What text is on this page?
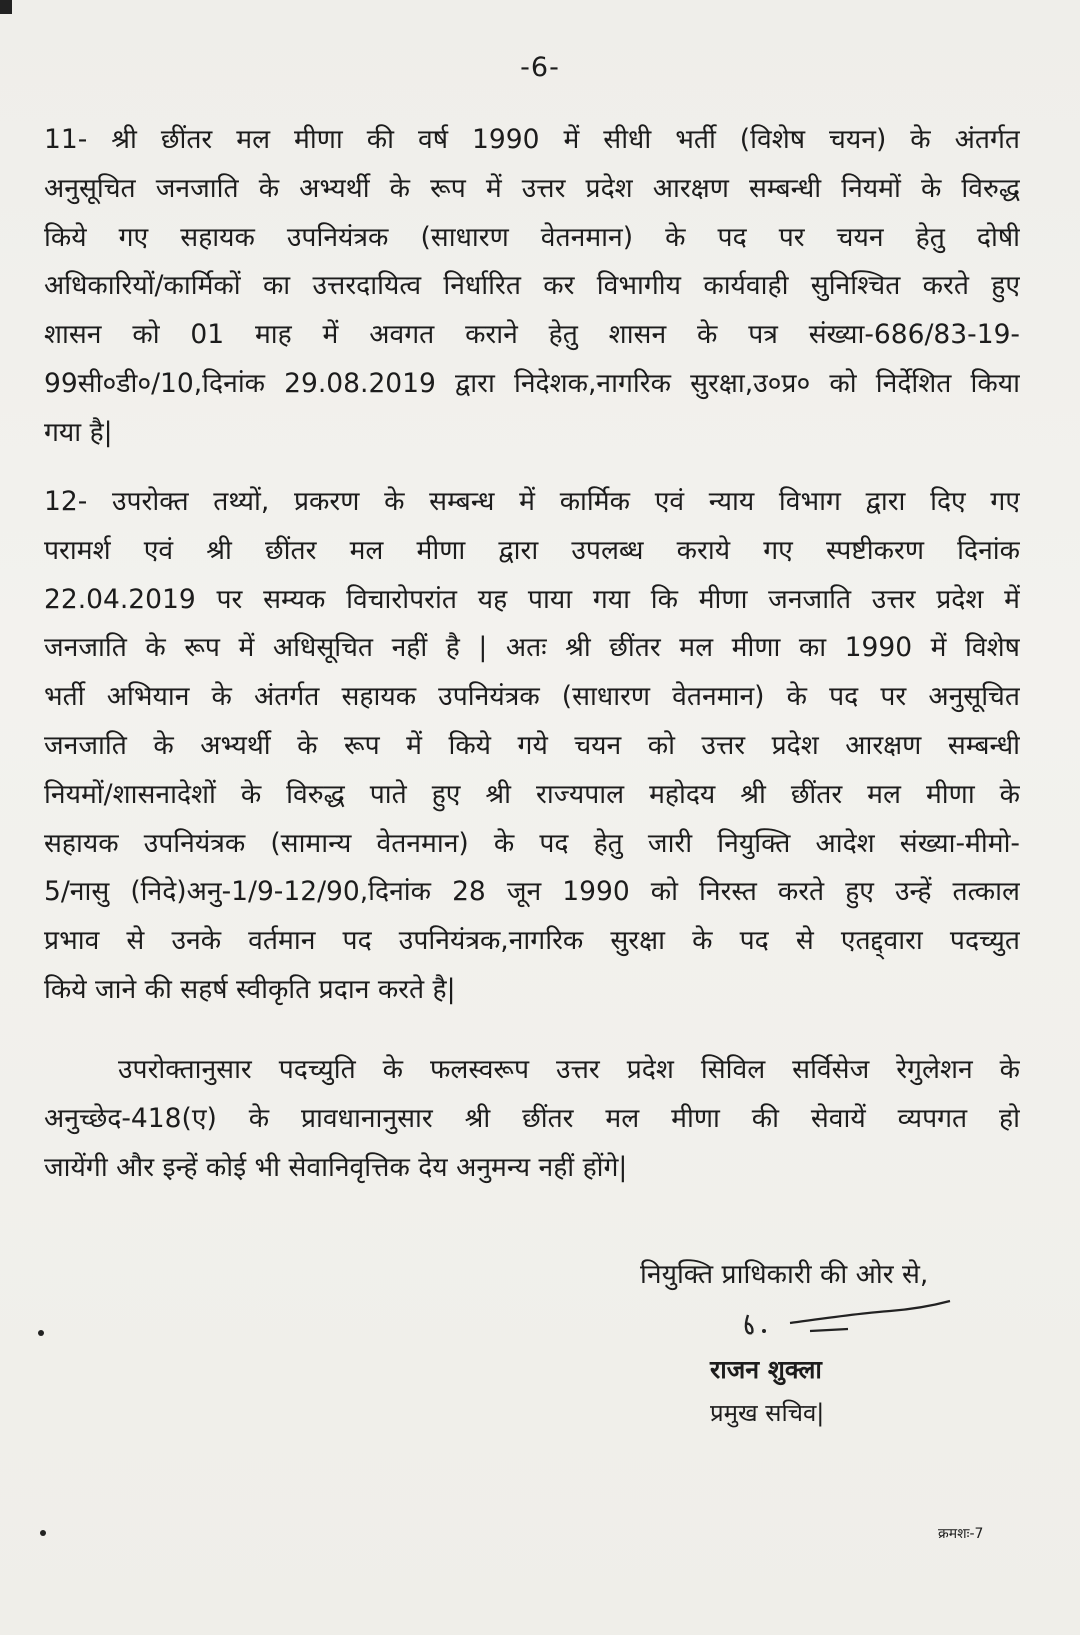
-6-
11- श्री छींतर मल मीणा की वर्ष 1990 में सीधी भर्ती (विशेष चयन) के अंतर्गत
अनुसूचित जनजाति के अभ्यर्थी के रूप में उत्तर प्रदेश आरक्षण सम्बन्धी नियमों के विरुद्ध
किये गए सहायक उपनियंत्रक (साधारण वेतनमान) के पद पर चयन हेतु दोषी
अधिकारियों/कार्मिकों का उत्तरदायित्व निर्धारित कर विभागीय कार्यवाही सुनिश्चित करते हुए
शासन को 01 माह में अवगत कराने हेतु शासन के पत्र संख्या-686/83-19-
99सी०डी०/10,दिनांक 29.08.2019 द्वारा निदेशक,नागरिक सुरक्षा,उ०प्र० को निर्देशित किया
गया है|
12- उपरोक्त तथ्यों, प्रकरण के सम्बन्ध में कार्मिक एवं न्याय विभाग द्वारा दिए गए
परामर्श एवं श्री छींतर मल मीणा द्वारा उपलब्ध कराये गए स्पष्टीकरण दिनांक
22.04.2019 पर सम्यक विचारोपरांत यह पाया गया कि मीणा जनजाति उत्तर प्रदेश में
जनजाति के रूप में अधिसूचित नहीं है | अतः श्री छींतर मल मीणा का 1990 में विशेष
भर्ती अभियान के अंतर्गत सहायक उपनियंत्रक (साधारण वेतनमान) के पद पर अनुसूचित
जनजाति के अभ्यर्थी के रूप में किये गये चयन को उत्तर प्रदेश आरक्षण सम्बन्धी
नियमों/शासनादेशों के विरुद्ध पाते हुए श्री राज्यपाल महोदय श्री छींतर मल मीणा के
सहायक उपनियंत्रक (सामान्य वेतनमान) के पद हेतु जारी नियुक्ति आदेश संख्या-मीमो-
5/नासु (निदे)अनु-1/9-12/90,दिनांक 28 जून 1990 को निरस्त करते हुए उन्हें तत्काल
प्रभाव से उनके वर्तमान पद उपनियंत्रक,नागरिक सुरक्षा के पद से एतद्द्वारा पदच्युत
किये जाने की सहर्ष स्वीकृति प्रदान करते है|
उपरोक्तानुसार पदच्युति के फलस्वरूप उत्तर प्रदेश सिविल सर्विसेज रेगुलेशन के
अनुच्छेद-418(ए) के प्रावधानानुसार श्री छींतर मल मीणा की सेवायें व्यपगत हो
जायेंगी और इन्हें कोई भी सेवानिवृत्तिक देय अनुमन्य नहीं होंगे|
नियुक्ति प्राधिकारी की ओर से,
राजन शुक्ला
प्रमुख सचिव|
क्रमशः-7
